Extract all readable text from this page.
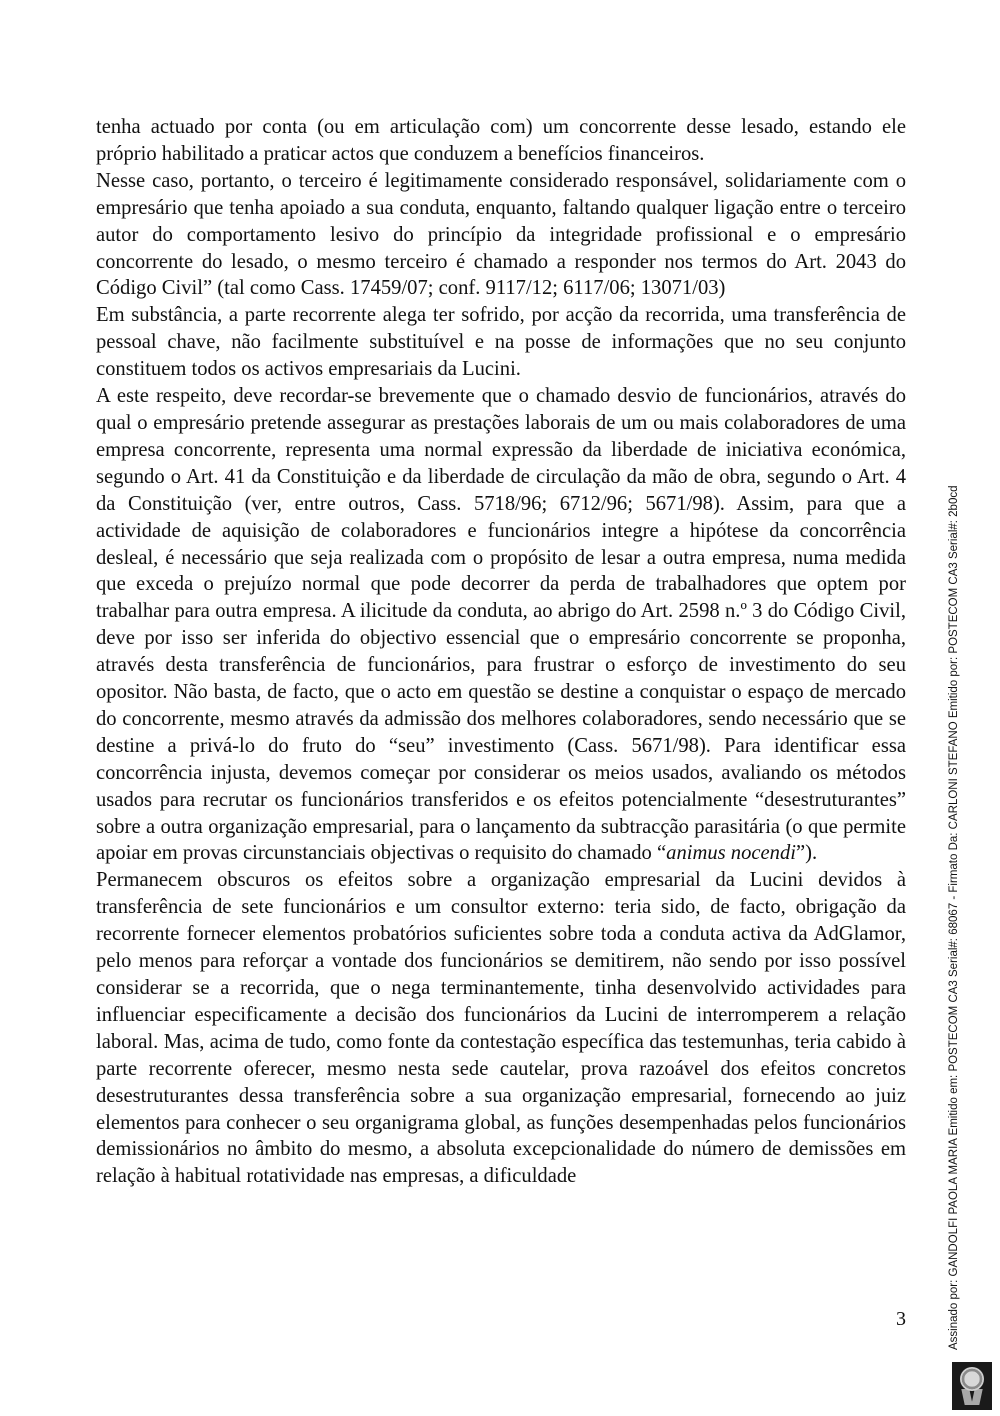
tenha actuado por conta (ou em articulação com) um concorrente desse lesado, estando ele próprio habilitado a praticar actos que conduzem a benefícios financeiros.

Nesse caso, portanto, o terceiro é legitimamente considerado responsável, solidariamente com o empresário que tenha apoiado a sua conduta, enquanto, faltando qualquer ligação entre o terceiro autor do comportamento lesivo do princípio da integridade profissional e o empresário concorrente do lesado, o mesmo terceiro é chamado a responder nos termos do Art. 2043 do Código Civil” (tal como Cass. 17459/07; conf. 9117/12; 6117/06; 13071/03)

Em substância, a parte recorrente alega ter sofrido, por acção da recorrida, uma transferência de pessoal chave, não facilmente substituível e na posse de informações que no seu conjunto constituem todos os activos empresariais da Lucini.

A este respeito, deve recordar-se brevemente que o chamado desvio de funcionários, através do qual o empresário pretende assegurar as prestações laborais de um ou mais colaboradores de uma empresa concorrente, representa uma normal expressão da liberdade de iniciativa económica, segundo o Art. 41 da Constituição e da liberdade de circulação da mão de obra, segundo o Art. 4 da Constituição (ver, entre outros, Cass. 5718/96; 6712/96; 5671/98). Assim, para que a actividade de aquisição de colaboradores e funcionários integre a hipótese da concorrência desleal, é necessário que seja realizada com o propósito de lesar a outra empresa, numa medida que exceda o prejuízo normal que pode decorrer da perda de trabalhadores que optem por trabalhar para outra empresa. A ilicitude da conduta, ao abrigo do Art. 2598 n.º 3 do Código Civil, deve por isso ser inferida do objectivo essencial que o empresário concorrente se proponha, através desta transferência de funcionários, para frustrar o esforço de investimento do seu opositor. Não basta, de facto, que o acto em questão se destine a conquistar o espaço de mercado do concorrente, mesmo através da admissão dos melhores colaboradores, sendo necessário que se destine a privá-lo do fruto do “seu” investimento (Cass. 5671/98). Para identificar essa concorrência injusta, devemos começar por considerar os meios usados, avaliando os métodos usados para recrutar os funcionários transferidos e os efeitos potencialmente “desestruturantes” sobre a outra organização empresarial, para o lançamento da subtracção parasitária (o que permite apoiar em provas circunstanciais objectivas o requisito do chamado “animus nocendi”).

Permanecem obscuros os efeitos sobre a organização empresarial da Lucini devidos à transferência de sete funcionários e um consultor externo: teria sido, de facto, obrigação da recorrente fornecer elementos probatórios suficientes sobre toda a conduta activa da AdGlamor, pelo menos para reforçar a vontade dos funcionários se demitirem, não sendo por isso possível considerar se a recorrida, que o nega terminantemente, tinha desenvolvido actividades para influenciar especificamente a decisão dos funcionários da Lucini de interromperem a relação laboral. Mas, acima de tudo, como fonte da contestação específica das testemunhas, teria cabido à parte recorrente oferecer, mesmo nesta sede cautelar, prova razoável dos efeitos concretos desestruturantes dessa transferência sobre a sua organização empresarial, fornecendo ao juiz elementos para conhecer o seu organigrama global, as funções desempenhadas pelos funcionários demissionários no âmbito do mesmo, a absoluta excepcionalidade do número de demissões em relação à habitual rotatividade nas empresas, a dificuldade

3	Assinado por: GANDOLFI PAOLA MARIA Emitido em: POSTECOM CA3 Serial#: 68067 - Firmato Da: CARLONI STEFANO Emitido por: POSTECOM CA3 Serial#: 2b0cd
